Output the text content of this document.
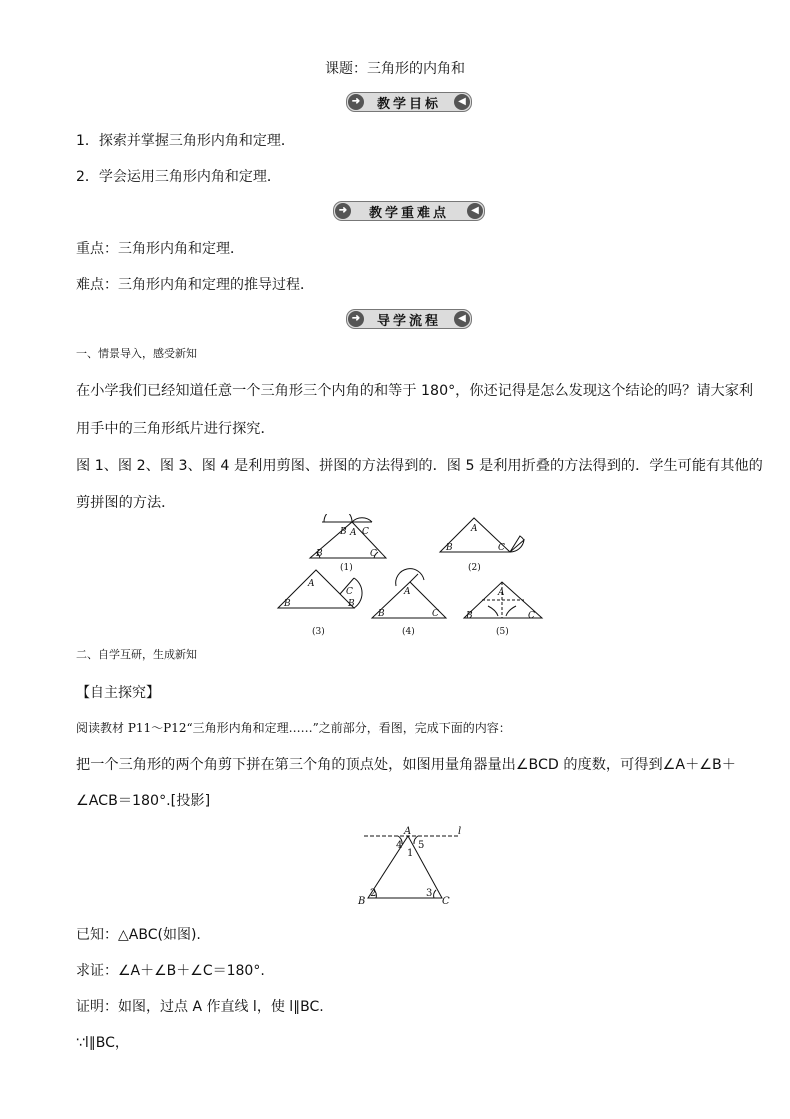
课题：三角形的内角和
➜ 教学目标	◀
1．探索并掌握三角形内角和定理．
2．学会运用三角形内角和定理．
➜ 教学重难点	◀
重点：三角形内角和定理．
难点：三角形内角和定理的推导过程．
➜ 导学流程	◀
一、情景导入，感受新知
在小学我们已经知道任意一个三角形三个内角的和等于 180°，你还记得是怎么发现这个结论的吗？请大家利
用手中的三角形纸片进行探究．
图 1、图 2、图 3、图 4 是利用剪图、拼图的方法得到的．图 5 是利用折叠的方法得到的．学生可能有其他的
剪拼图的方法．
B A C
B	C
A
B	C
A
B
C
B
A
B	C
A
B	C
(1)	(2)
(3)	(4)	(5)
二、自学互研，生成新知
【自主探究】
阅读教材 P11～P12“三角形内角和定理……”之前部分，看图，完成下面的内容：
把一个三角形的两个角剪下拼在第三个角的顶点处，如图用量角器量出∠BCD 的度数，可得到∠A＋∠B＋
∠ACB＝180°.[投影]
A	l
B	C
4 5
1
2	3
已知：△ABC(如图).
求证：∠A＋∠B＋∠C＝180°.
证明：如图，过点 A 作直线 l，使 l∥BC.
∵l∥BC，
